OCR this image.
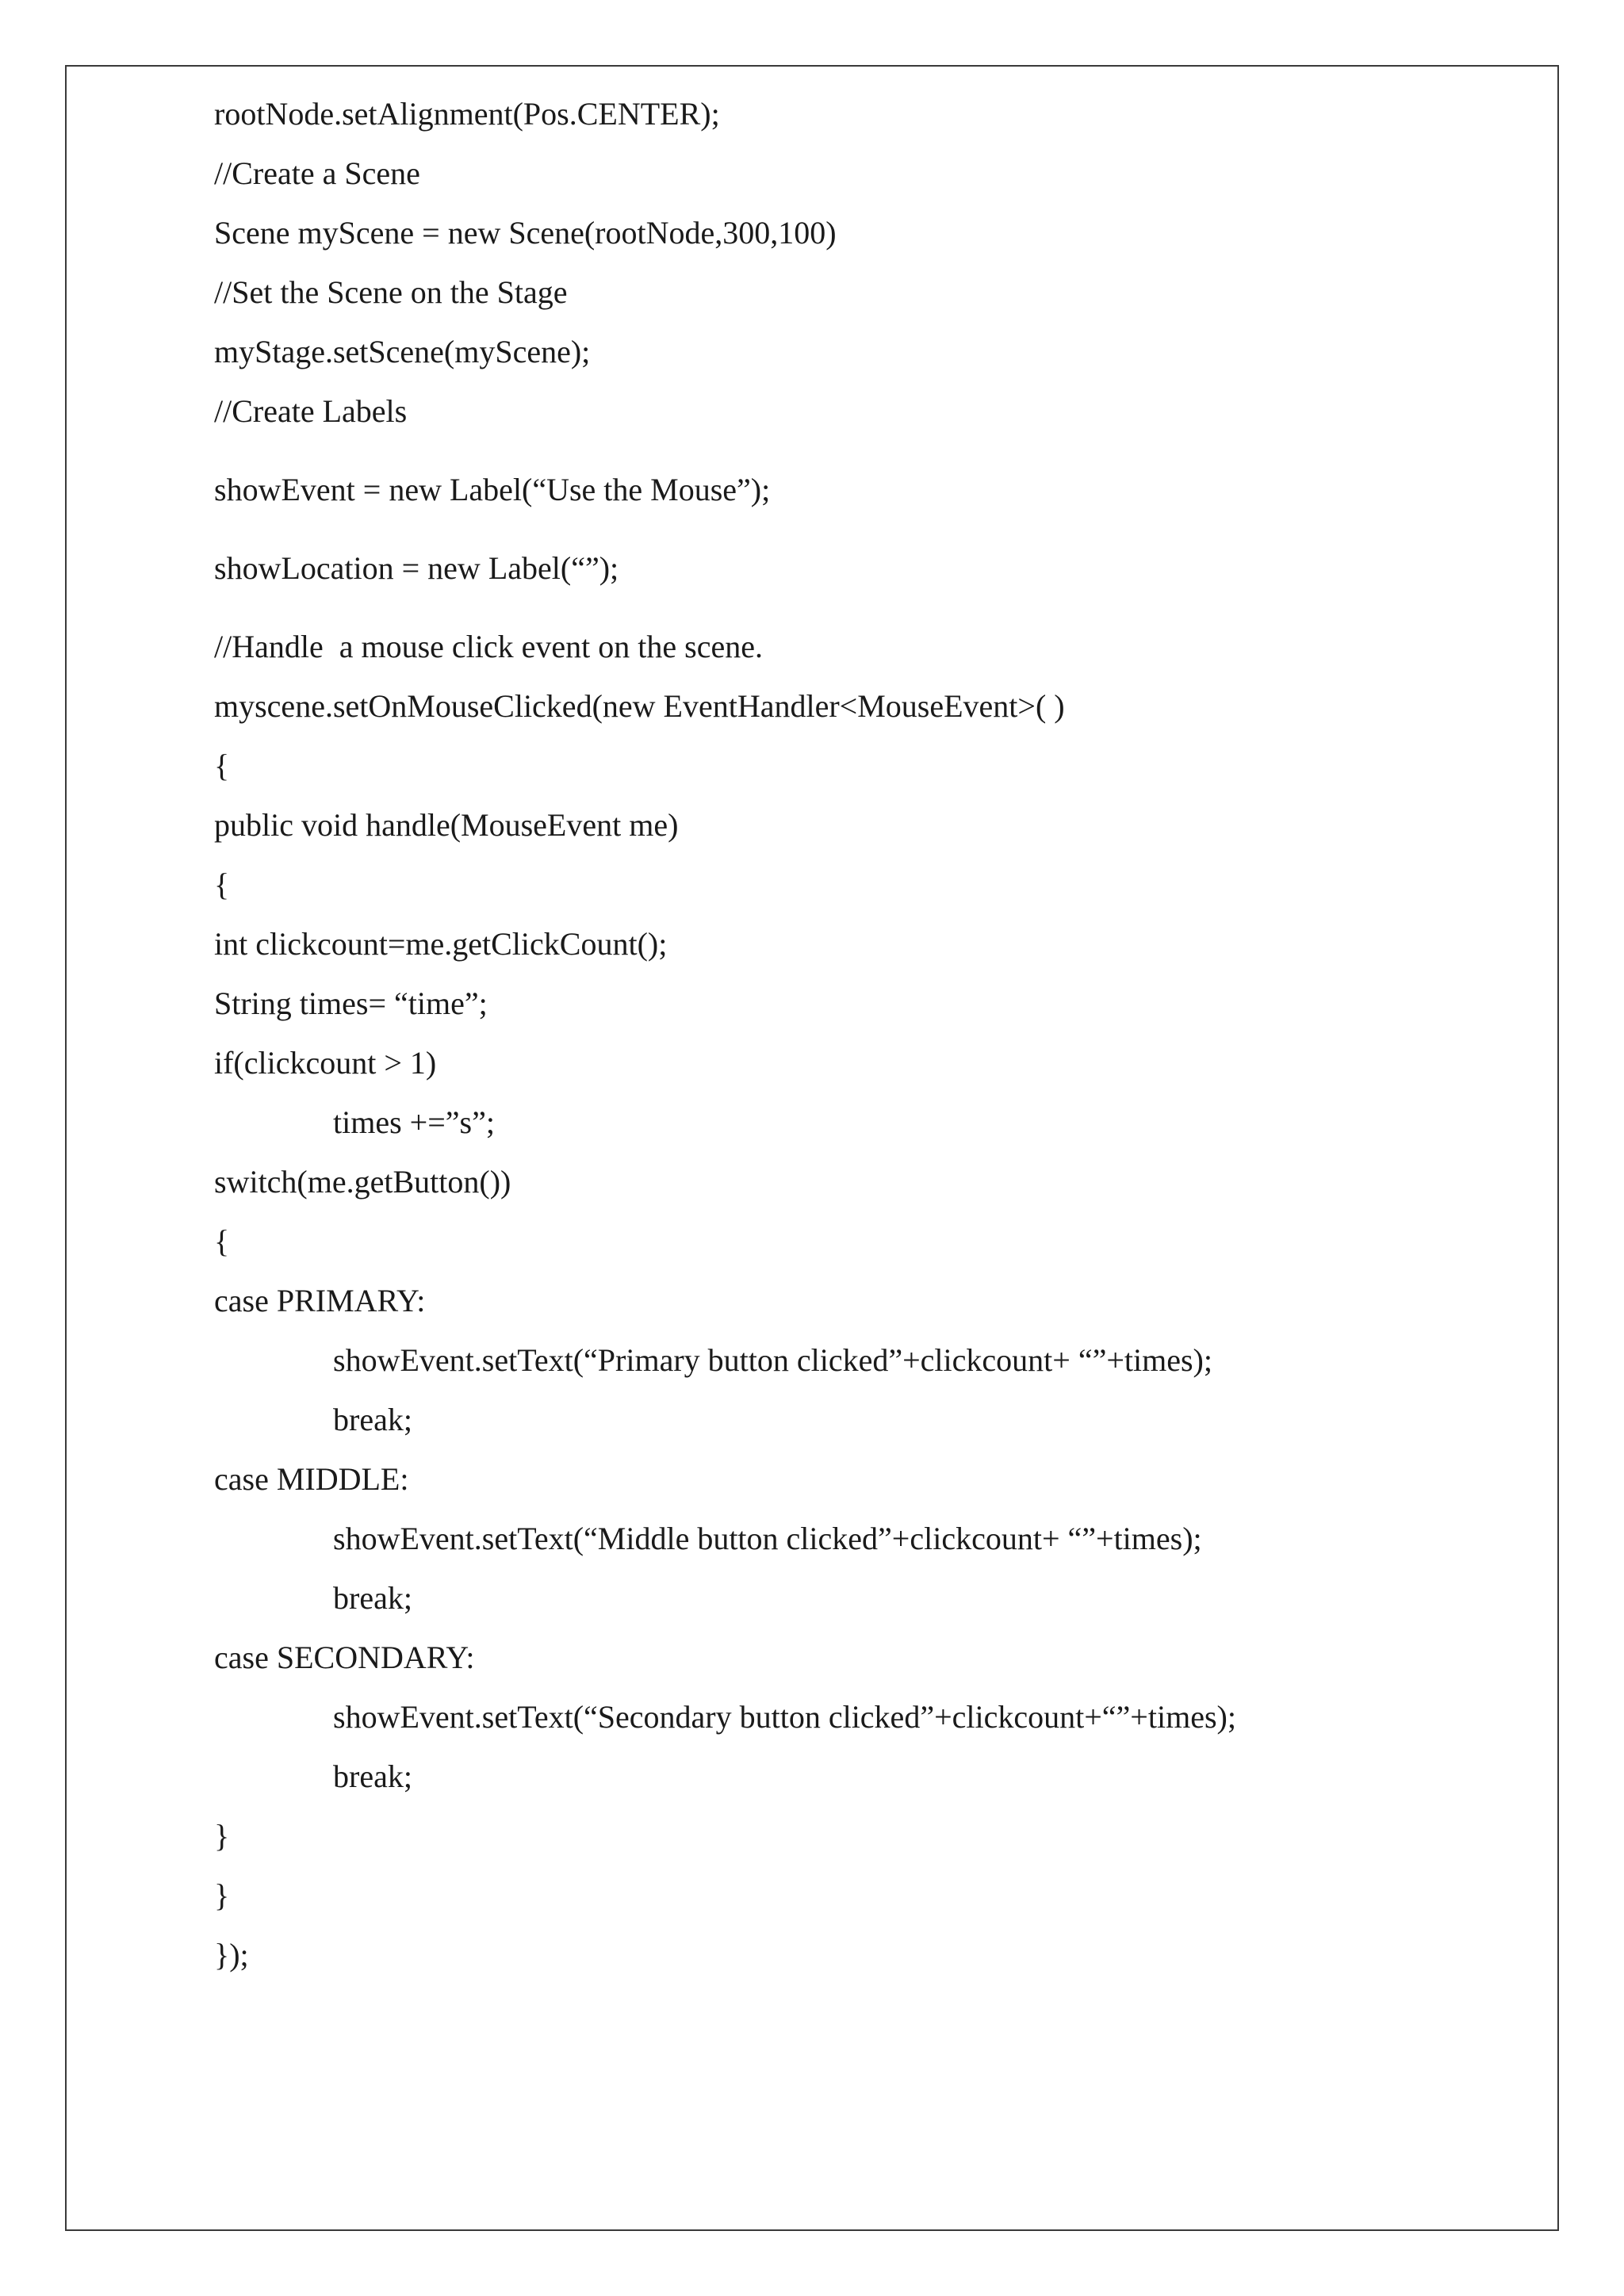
rootNode.setAlignment(Pos.CENTER);
//Create a Scene
Scene myScene = new Scene(rootNode,300,100)
//Set the Scene on the Stage
myStage.setScene(myScene);
//Create Labels
showEvent = new Label(“Use the Mouse”);
showLocation = new Label(“”);
//Handle  a mouse click event on the scene.
myscene.setOnMouseClicked(new EventHandler<MouseEvent>( )
{
public void handle(MouseEvent me)
{
int clickcount=me.getClickCount();
String times= “time”;
if(clickcount > 1)
times +=”s”;
switch(me.getButton())
{
case PRIMARY:
showEvent.setText(“Primary button clicked”+clickcount+ “”+times);
break;
case MIDDLE:
showEvent.setText(“Middle button clicked”+clickcount+ “”+times);
break;
case SECONDARY:
showEvent.setText(“Secondary button clicked”+clickcount+“”+times);
break;
}
}
});
